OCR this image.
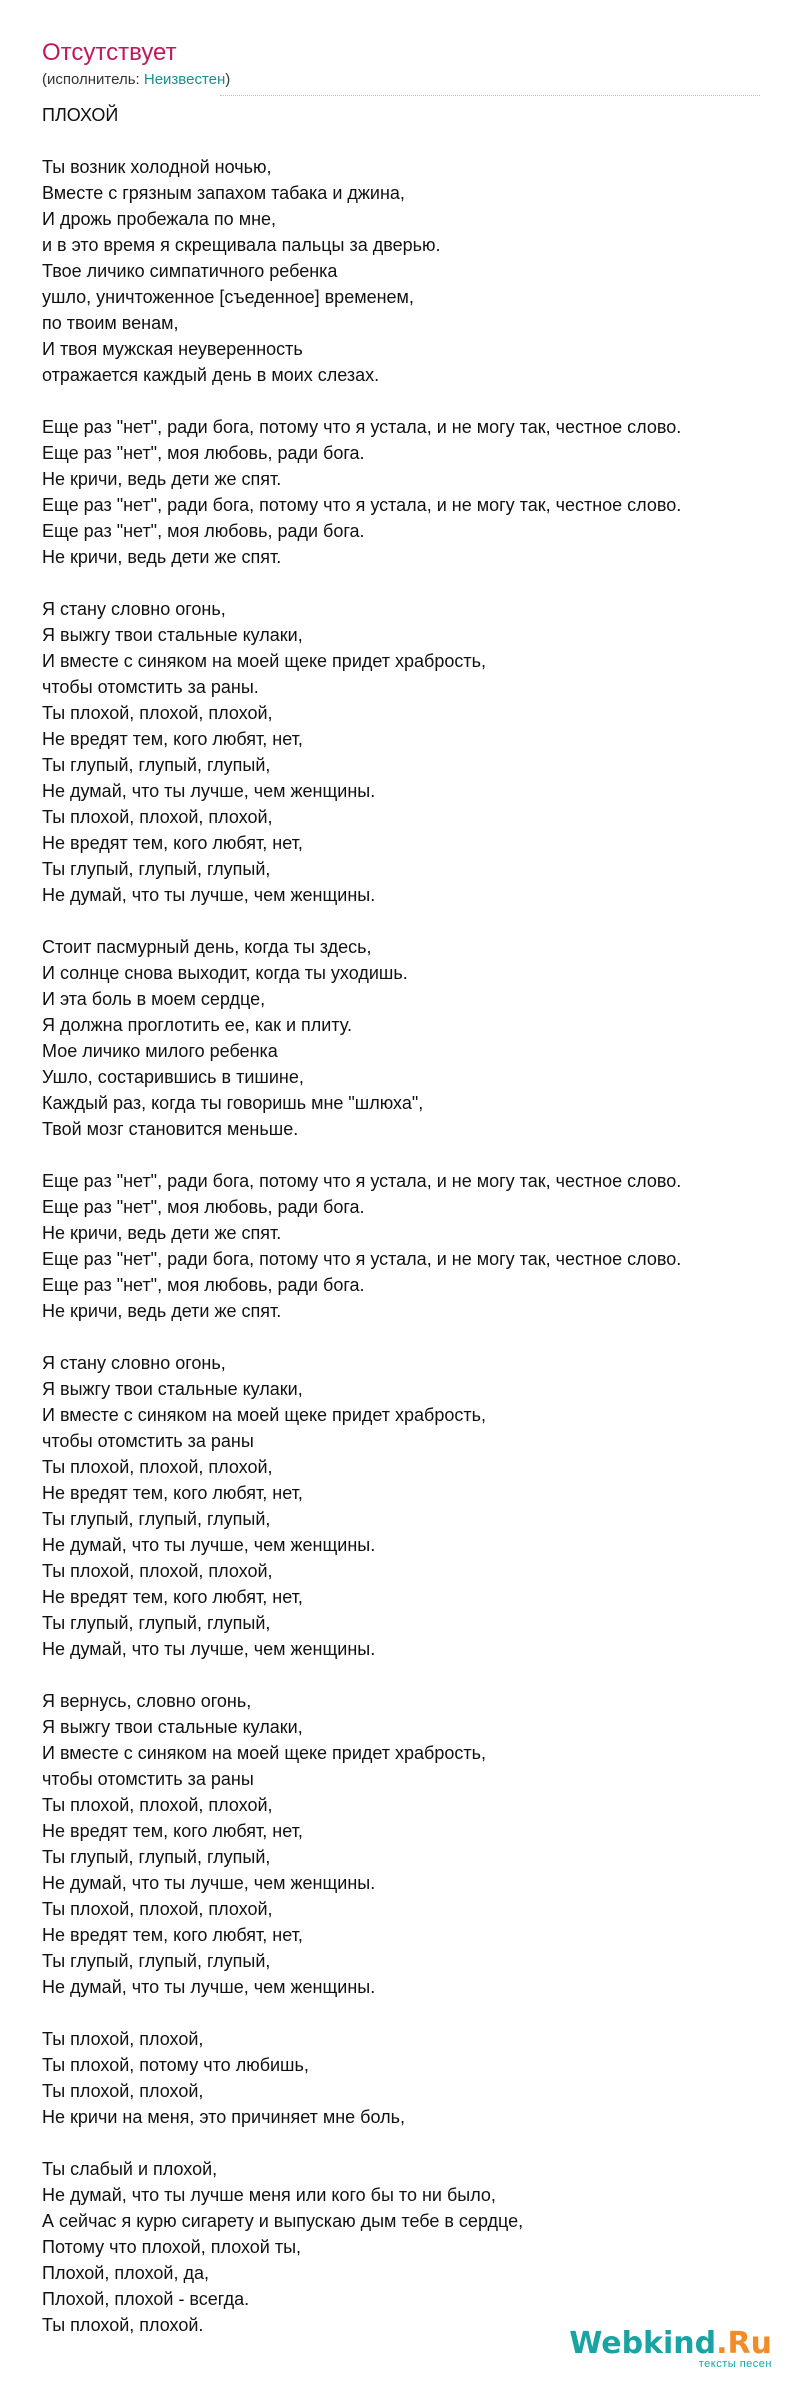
Отсутствует
(исполнитель: Неизвестен)
ПЛОХОЙ
Ты возник холодной ночью,
Вместе с грязным запахом табака и джина,
И дрожь пробежала по мне,
и в это время я скрещивала пальцы за дверью.
Твое личико симпатичного ребенка
ушло, уничтоженное [съеденное] временем,
по твоим венам,
И твоя мужская неуверенность
отражается каждый день в моих слезах.
Еще раз "нет", ради бога, потому что я устала, и не могу так, честное слово.
Еще раз "нет", моя любовь, ради бога.
Не кричи, ведь дети же спят.
Еще раз "нет", ради бога, потому что я устала, и не могу так, честное слово.
Еще раз "нет", моя любовь, ради бога.
Не кричи, ведь дети же спят.
Я стану словно огонь,
Я выжгу твои стальные кулаки,
И вместе с синяком на моей щеке придет храбрость,
чтобы отомстить за раны.
Ты плохой, плохой, плохой,
Не вредят тем, кого любят, нет,
Ты глупый, глупый, глупый,
Не думай, что ты лучше, чем женщины.
Ты плохой, плохой, плохой,
Не вредят тем, кого любят, нет,
Ты глупый, глупый, глупый,
Не думай, что ты лучше, чем женщины.
Стоит пасмурный день, когда ты здесь,
И солнце снова выходит, когда ты уходишь.
И эта боль в моем сердце,
Я должна проглотить ее, как и плиту.
Мое личико милого ребенка
Ушло, состарившись в тишине,
Каждый раз, когда ты говоришь мне "шлюха",
Твой мозг становится меньше.
Еще раз "нет", ради бога, потому что я устала, и не могу так, честное слово.
Еще раз "нет", моя любовь, ради бога.
Не кричи, ведь дети же спят.
Еще раз "нет", ради бога, потому что я устала, и не могу так, честное слово.
Еще раз "нет", моя любовь, ради бога.
Не кричи, ведь дети же спят.
Я стану словно огонь,
Я выжгу твои стальные кулаки,
И вместе с синяком на моей щеке придет храбрость,
чтобы отомстить за раны
Ты плохой, плохой, плохой,
Не вредят тем, кого любят, нет,
Ты глупый, глупый, глупый,
Не думай, что ты лучше, чем женщины.
Ты плохой, плохой, плохой,
Не вредят тем, кого любят, нет,
Ты глупый, глупый, глупый,
Не думай, что ты лучше, чем женщины.
Я вернусь, словно огонь,
Я выжгу твои стальные кулаки,
И вместе с синяком на моей щеке придет храбрость,
чтобы отомстить за раны
Ты плохой, плохой, плохой,
Не вредят тем, кого любят, нет,
Ты глупый, глупый, глупый,
Не думай, что ты лучше, чем женщины.
Ты плохой, плохой, плохой,
Не вредят тем, кого любят, нет,
Ты глупый, глупый, глупый,
Не думай, что ты лучше, чем женщины.
Ты плохой, плохой,
Ты плохой, потому что любишь,
Ты плохой, плохой,
Не кричи на меня, это причиняет мне боль,
Ты слабый и плохой,
Не думай, что ты лучше меня или кого бы то ни было,
А сейчас я курю сигарету и выпускаю дым тебе в сердце,
Потому что плохой, плохой ты,
Плохой, плохой, да,
Плохой, плохой - всегда.
Ты плохой, плохой.
Webkind.Ru
тексты песен
